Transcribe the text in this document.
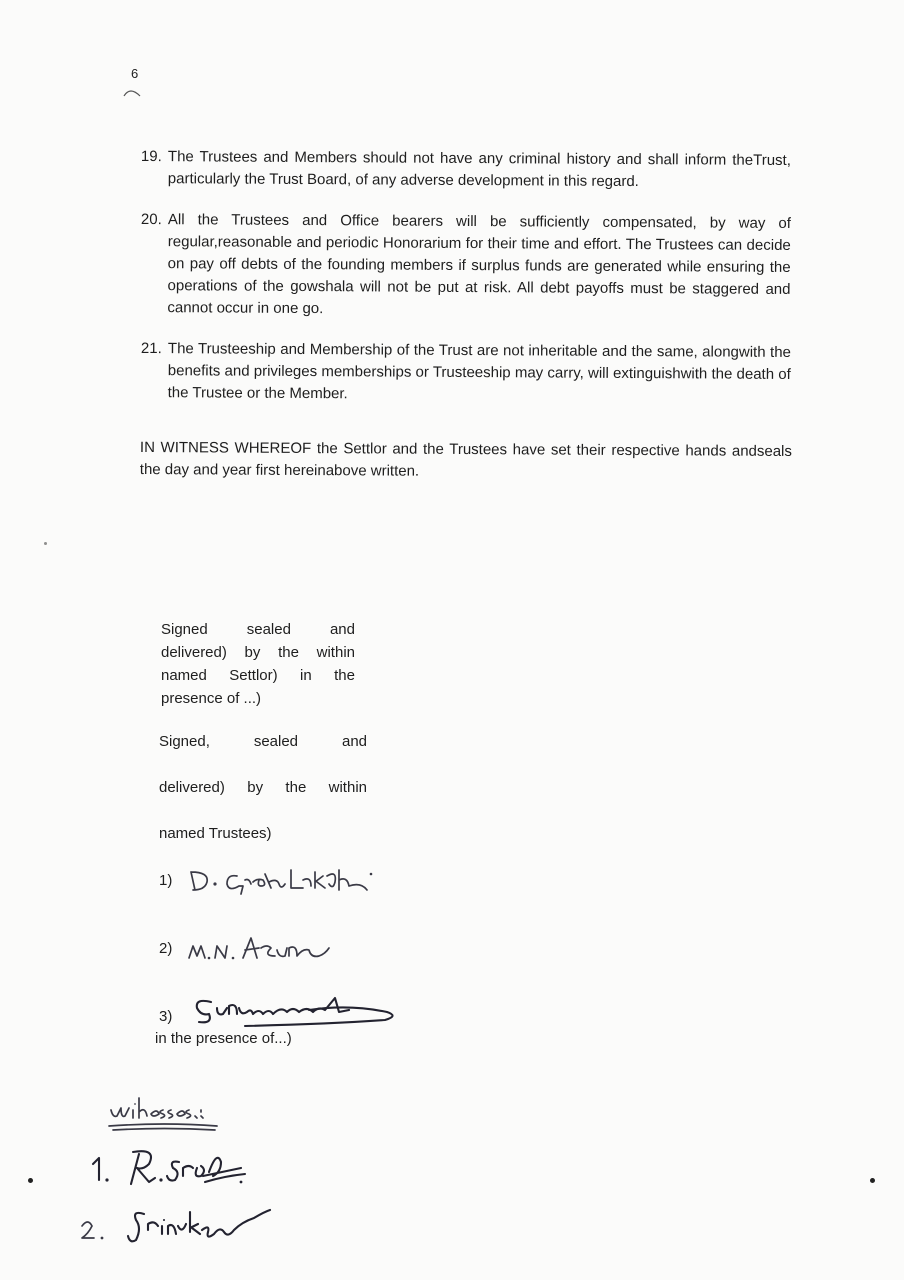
6
19. The Trustees and Members should not have any criminal history and shall inform theTrust, particularly the Trust Board, of any adverse development in this regard.
20. All the Trustees and Office bearers will be sufficiently compensated, by way of regular,reasonable and periodic Honorarium for their time and effort. The Trustees can decide on pay off debts of the founding members if surplus funds are generated while ensuring the operations of the gowshala will not be put at risk. All debt payoffs must be staggered and cannot occur in one go.
21. The Trusteeship and Membership of the Trust are not inheritable and the same, alongwith the benefits and privileges memberships or Trusteeship may carry, will extinguishwith the death of the Trustee or the Member.
IN WITNESS WHEREOF the Settlor and the Trustees have set their respective hands andseals the day and year first hereinabove written.
Signed sealed and delivered) by the within named Settlor) in the presence of ...)
Signed, sealed and
delivered) by the within
named Trustees)
1)
2)
3)
in the presence of...)
